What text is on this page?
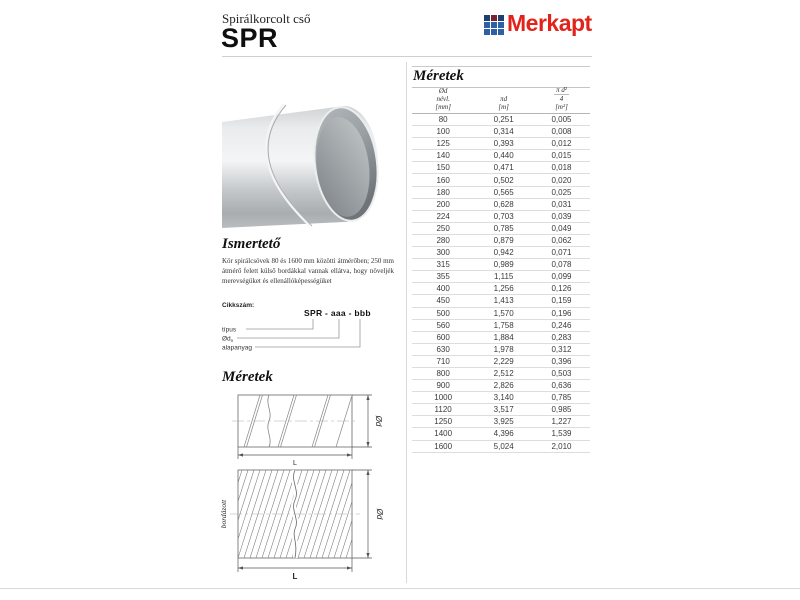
Spirálkorcolt cső
SPR	Merkapt
Ismertető
Kör spirálcsövek 80 és 1600 mm közötti átmérőben; 250 mm átmérő felett külső bordákkal vannak ellátva, hogy növeljék merevségüket és ellenállóképességüket
Cikkszám:
SPR - aaa - bbb
típus
$Ød_n$
alapanyag
Méretek
Ød
L
bordázott	Ød
L
Méretek
Ød
névl.
[mm]
πd
[m]
π d²
4
[m²]
80	0,251	0,005
100	0,314	0,008
125	0,393	0,012
140	0,440	0,015
150	0,471	0,018
160	0,502	0,020
180	0,565	0,025
200	0,628	0,031
224	0,703	0,039
250	0,785	0,049
280	0,879	0,062
300	0,942	0,071
315	0,989	0,078
355	1,115	0,099
400	1,256	0,126
450	1,413	0,159
500	1,570	0,196
560	1,758	0,246
600	1,884	0,283
630	1,978	0,312
710	2,229	0,396
800	2,512	0,503
900	2,826	0,636
1000	3,140	0,785
1120	3,517	0,985
1250	3,925	1,227
1400	4,396	1,539
1600	5,024	2,010
